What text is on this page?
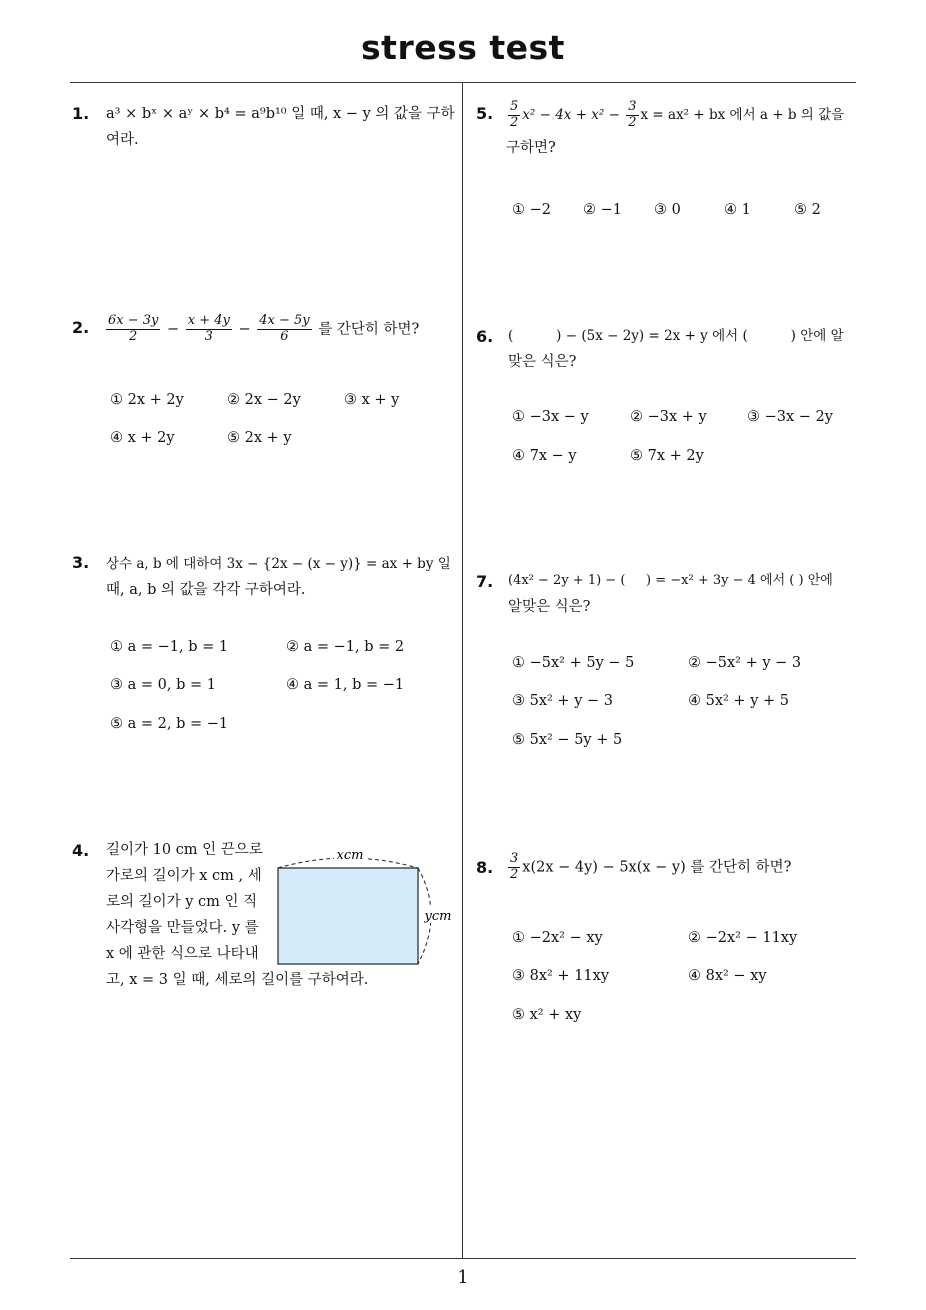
stress test
1
1. a³ × bˣ × aʸ × b⁴ = a⁹b¹⁰ 일 때, x − y 의 값을 구하
여라.
2. $\frac{6x - 3y}{2} - \frac{x + 4y}{3} - \frac{4x - 5y}{6}$ 를 간단히 하면?
① 2x + 2y	② 2x − 2y	③ x + y
④ x + 2y	⑤ 2x + y
3. 상수 a, b 에 대하여 3x − {2x − (x − y)} = ax + by 일
때, a, b 의 값을 각각 구하여라.
① a = −1, b = 1	② a = −1, b = 2
③ a = 0, b = 1	④ a = 1, b = −1
⑤ a = 2, b = −1
4. 길이가 10 cm 인 끈으로
가로의 길이가 x cm , 세
로의 길이가 y cm 인 직
사각형을 만들었다. y 를
x 에 관한 식으로 나타내
고, x = 3 일 때, 세로의 길이를 구하여라.
xcm
ycm
5. $\frac{5}{2} x^2 - 4x + x^2 - \frac{3}{2}$ x = ax² + bx 에서 a + b 의 값을
구하면?
① −2 ② −1 ③ 0	④ 1	⑤ 2
6. (          ) − (5x − 2y) = 2x + y 에서 (          ) 안에 알
맞은 식은?
① −3x − y	② −3x + y	③ −3x − 2y
④ 7x − y	⑤ 7x + 2y
7. (4x² − 2y + 1) − (     ) = −x² + 3y − 4 에서 ( ) 안에
알맞은 식은?
① −5x² + 5y − 5	② −5x² + y − 3
③ 5x² + y − 3	④ 5x² + y + 5
⑤ 5x² − 5y + 5
8. $\frac{3}{2} x(2x - 4y) - 5x(x - y)$ 를 간단히 하면?
① −2x² − xy	② −2x² − 11xy
③ 8x² + 11xy	④ 8x² − xy
⑤ x² + xy
